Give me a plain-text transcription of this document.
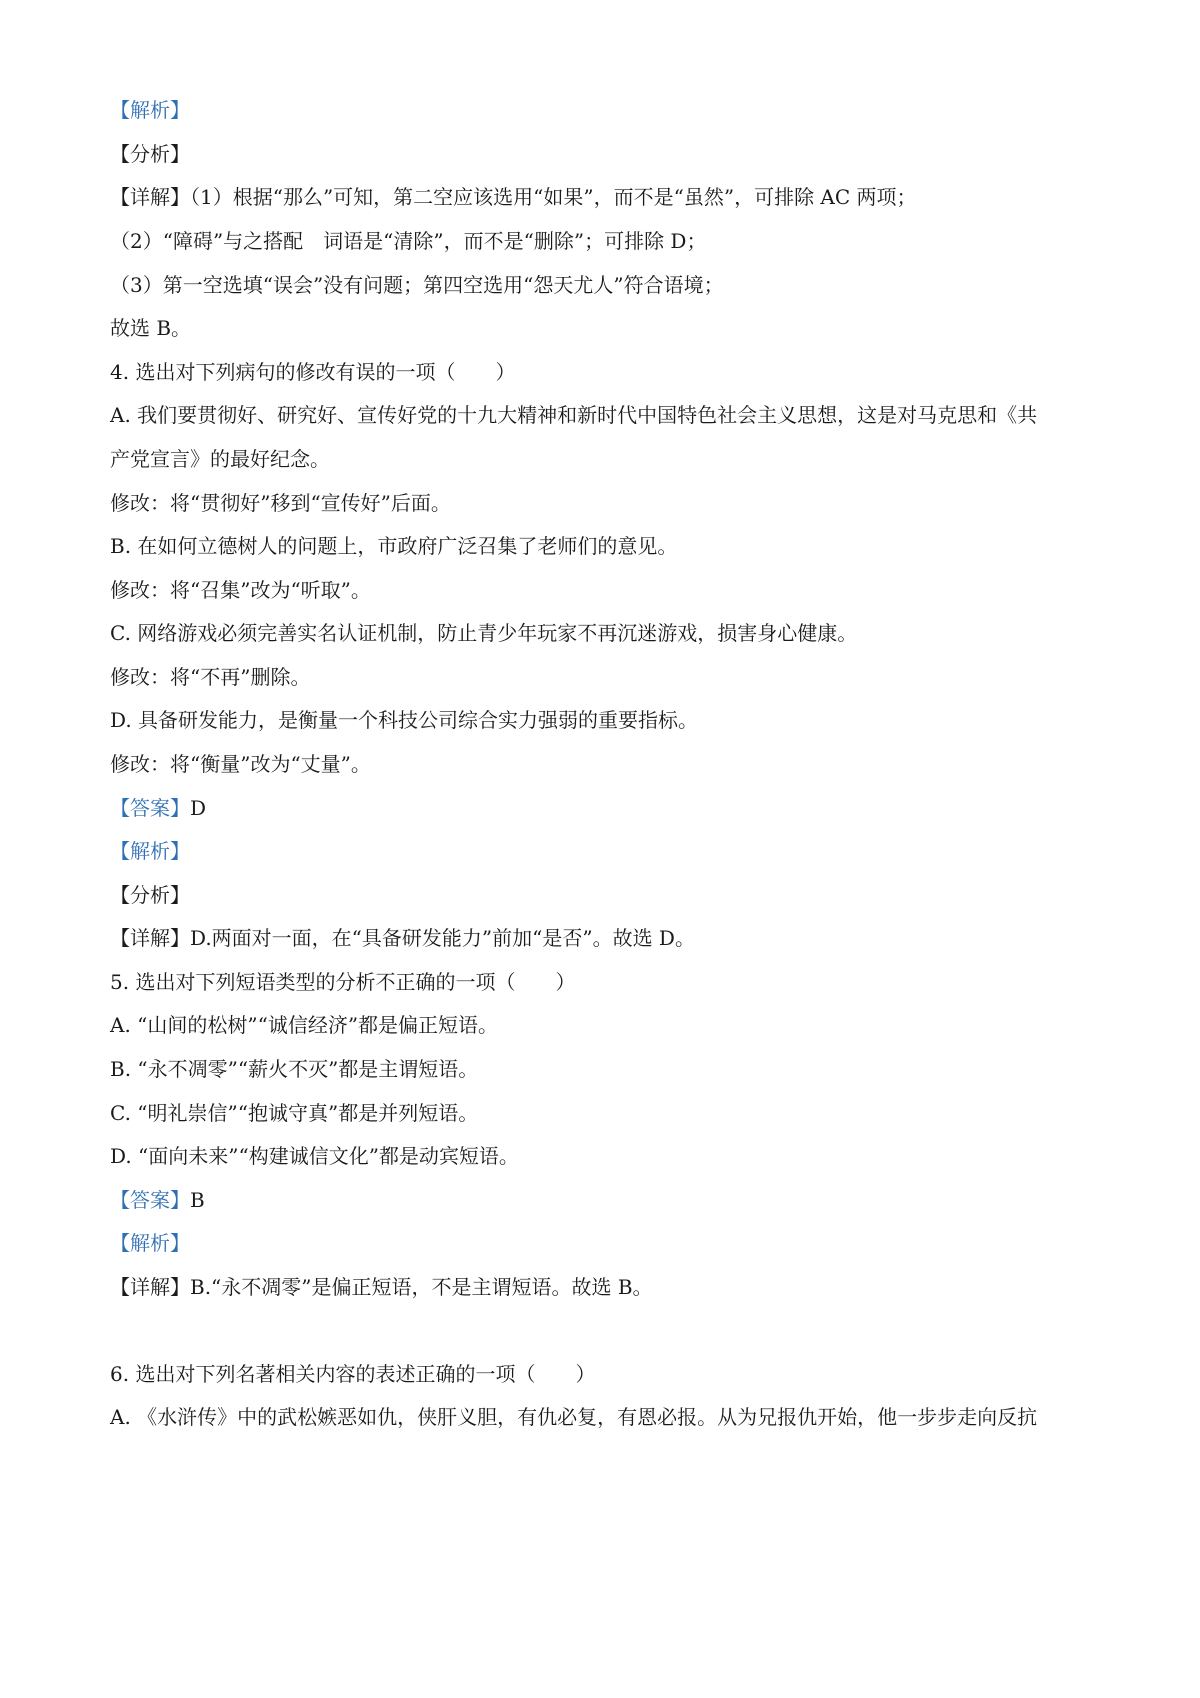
【解析】
【分析】
【详解】（1）根据“那么”可知，第二空应该选用“如果”，而不是“虽然”，可排除 AC 两项；
（2）“障碍”与之搭配　词语是“清除”，而不是“删除”；可排除 D；
（3）第一空选填“误会”没有问题；第四空选用“怨天尤人”符合语境；
故选 B。
4. 选出对下列病句的修改有误的一项（　　）
A. 我们要贯彻好、研究好、宣传好党的十九大精神和新时代中国特色社会主义思想，这是对马克思和《共
产党宣言》的最好纪念。
修改：将“贯彻好”移到“宣传好”后面。
B. 在如何立德树人的问题上，市政府广泛召集了老师们的意见。
修改：将“召集”改为“听取”。
C. 网络游戏必须完善实名认证机制，防止青少年玩家不再沉迷游戏，损害身心健康。
修改：将“不再”删除。
D. 具备研发能力，是衡量一个科技公司综合实力强弱的重要指标。
修改：将“衡量”改为“丈量”。
【答案】D
【解析】
【分析】
【详解】D.两面对一面，在“具备研发能力”前加“是否”。故选 D。
5. 选出对下列短语类型的分析不正确的一项（　　）
A. “山间的松树”“诚信经济”都是偏正短语。
B. “永不凋零”“薪火不灭”都是主谓短语。
C. “明礼崇信”“抱诚守真”都是并列短语。
D. “面向未来”“构建诚信文化”都是动宾短语。
【答案】B
【解析】
【详解】B.“永不凋零”是偏正短语，不是主谓短语。故选 B。
6. 选出对下列名著相关内容的表述正确的一项（　　）
A. 《水浒传》中的武松嫉恶如仇，侠肝义胆，有仇必复，有恩必报。从为兄报仇开始，他一步步走向反抗
